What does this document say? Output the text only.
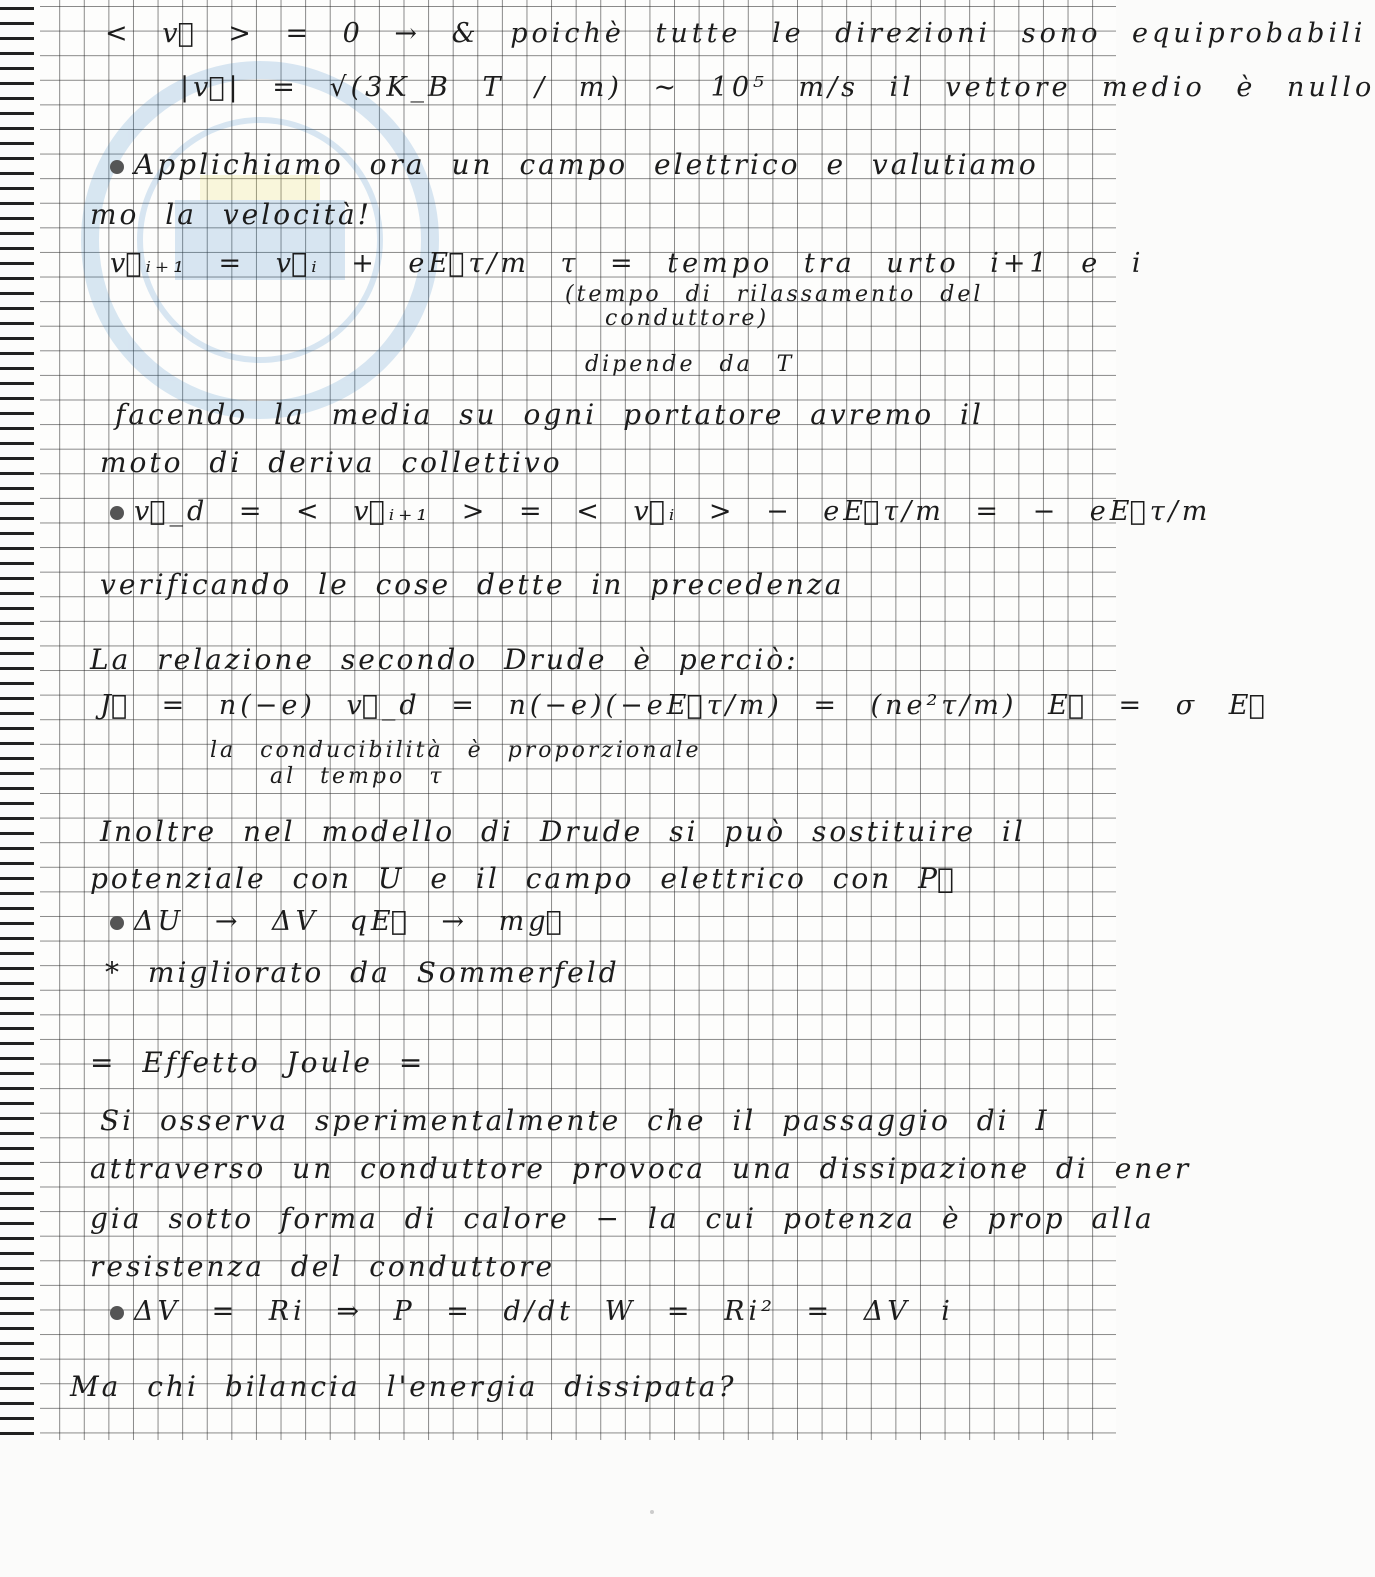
< v⃗ > = 0 → & poichè tutte le direzioni sono equiprobabili
|v⃗| = √(3K_B T / m) ∼ 10⁵ m/s il vettore medio è nullo
Applichiamo ora un campo elettrico e valutiamo
mo la velocità!
v⃗ᵢ₊₁ = v⃗ᵢ + eE⃗τ/m τ = tempo tra urto i+1 e i
(tempo di rilassamento del
conduttore)
dipende da T
facendo la media su ogni portatore avremo il
moto di deriva collettivo
v⃗_d = < v⃗ᵢ₊₁ > = < v⃗ᵢ > − eE⃗τ/m = − eE⃗τ/m
verificando le cose dette in precedenza
La relazione secondo Drude è perciò:
J⃗ = n(−e) v⃗_d = n(−e)(−eE⃗τ/m) = (ne²τ/m) E⃗ = σ E⃗
la conducibilità è proporzionale
al tempo τ
Inoltre nel modello di Drude si può sostituire il
potenziale con U e il campo elettrico con P⃗
ΔU → ΔV qE⃗ → mg⃗
* migliorato da Sommerfeld
= Effetto Joule =
Si osserva sperimentalmente che il passaggio di I
attraverso un conduttore provoca una dissipazione di ener
gia sotto forma di calore − la cui potenza è prop alla
resistenza del conduttore
ΔV = Ri ⇒ P = d/dt W = Ri² = ΔV i
Ma chi bilancia l'energia dissipata?
